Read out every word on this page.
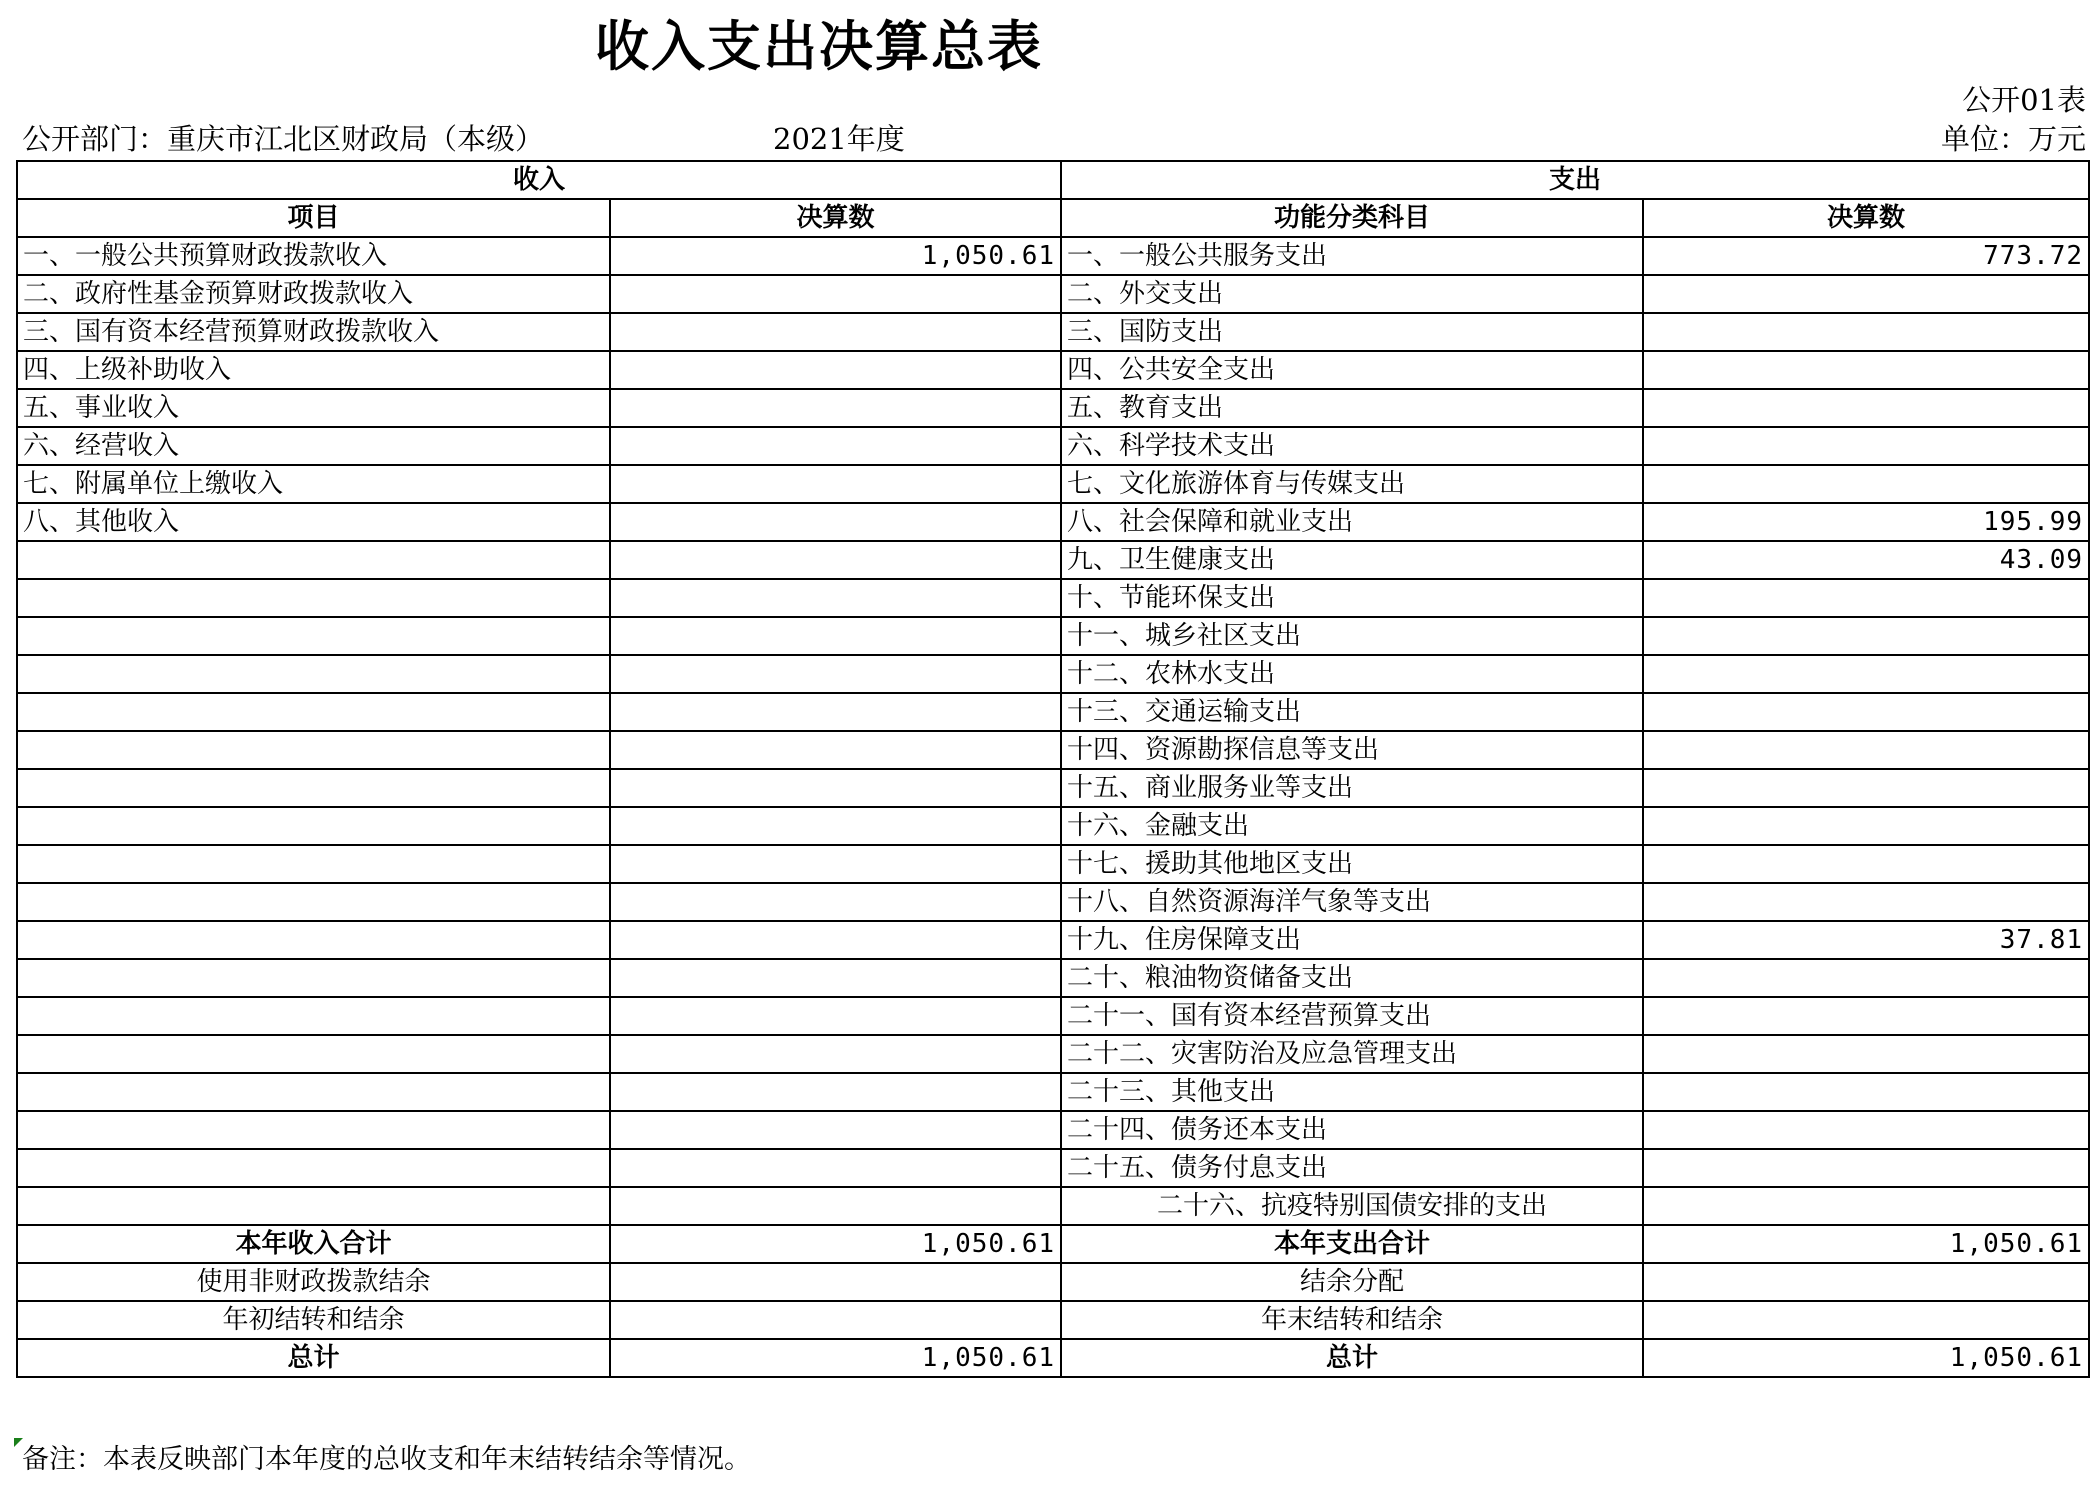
收入支出决算总表
公开01表
公开部门：重庆市江北区财政局（本级）	2021年度	单位：万元
收入		支出	
项目	决算数	功能分类科目	决算数
一、一般公共预算财政拨款收入	1,050.61	一、一般公共服务支出	773.72
二、政府性基金预算财政拨款收入		二、外交支出	
三、国有资本经营预算财政拨款收入		三、国防支出	
四、上级补助收入		四、公共安全支出	
五、事业收入		五、教育支出	
六、经营收入		六、科学技术支出	
七、附属单位上缴收入		七、文化旅游体育与传媒支出	
八、其他收入		八、社会保障和就业支出	195.99
		九、卫生健康支出	43.09
		十、节能环保支出	
		十一、城乡社区支出	
		十二、农林水支出	
		十三、交通运输支出	
		十四、资源勘探信息等支出	
		十五、商业服务业等支出	
		十六、金融支出	
		十七、援助其他地区支出	
		十八、自然资源海洋气象等支出	
		十九、住房保障支出	37.81
		二十、粮油物资储备支出	
		二十一、国有资本经营预算支出	
		二十二、灾害防治及应急管理支出	
		二十三、其他支出	
		二十四、债务还本支出	
		二十五、债务付息支出	
		二十六、抗疫特别国债安排的支出	
本年收入合计	1,050.61	本年支出合计	1,050.61
使用非财政拨款结余		结余分配	
年初结转和结余		年末结转和结余	
总计	1,050.61	总计	1,050.61
备注：本表反映部门本年度的总收支和年末结转结余等情况。
